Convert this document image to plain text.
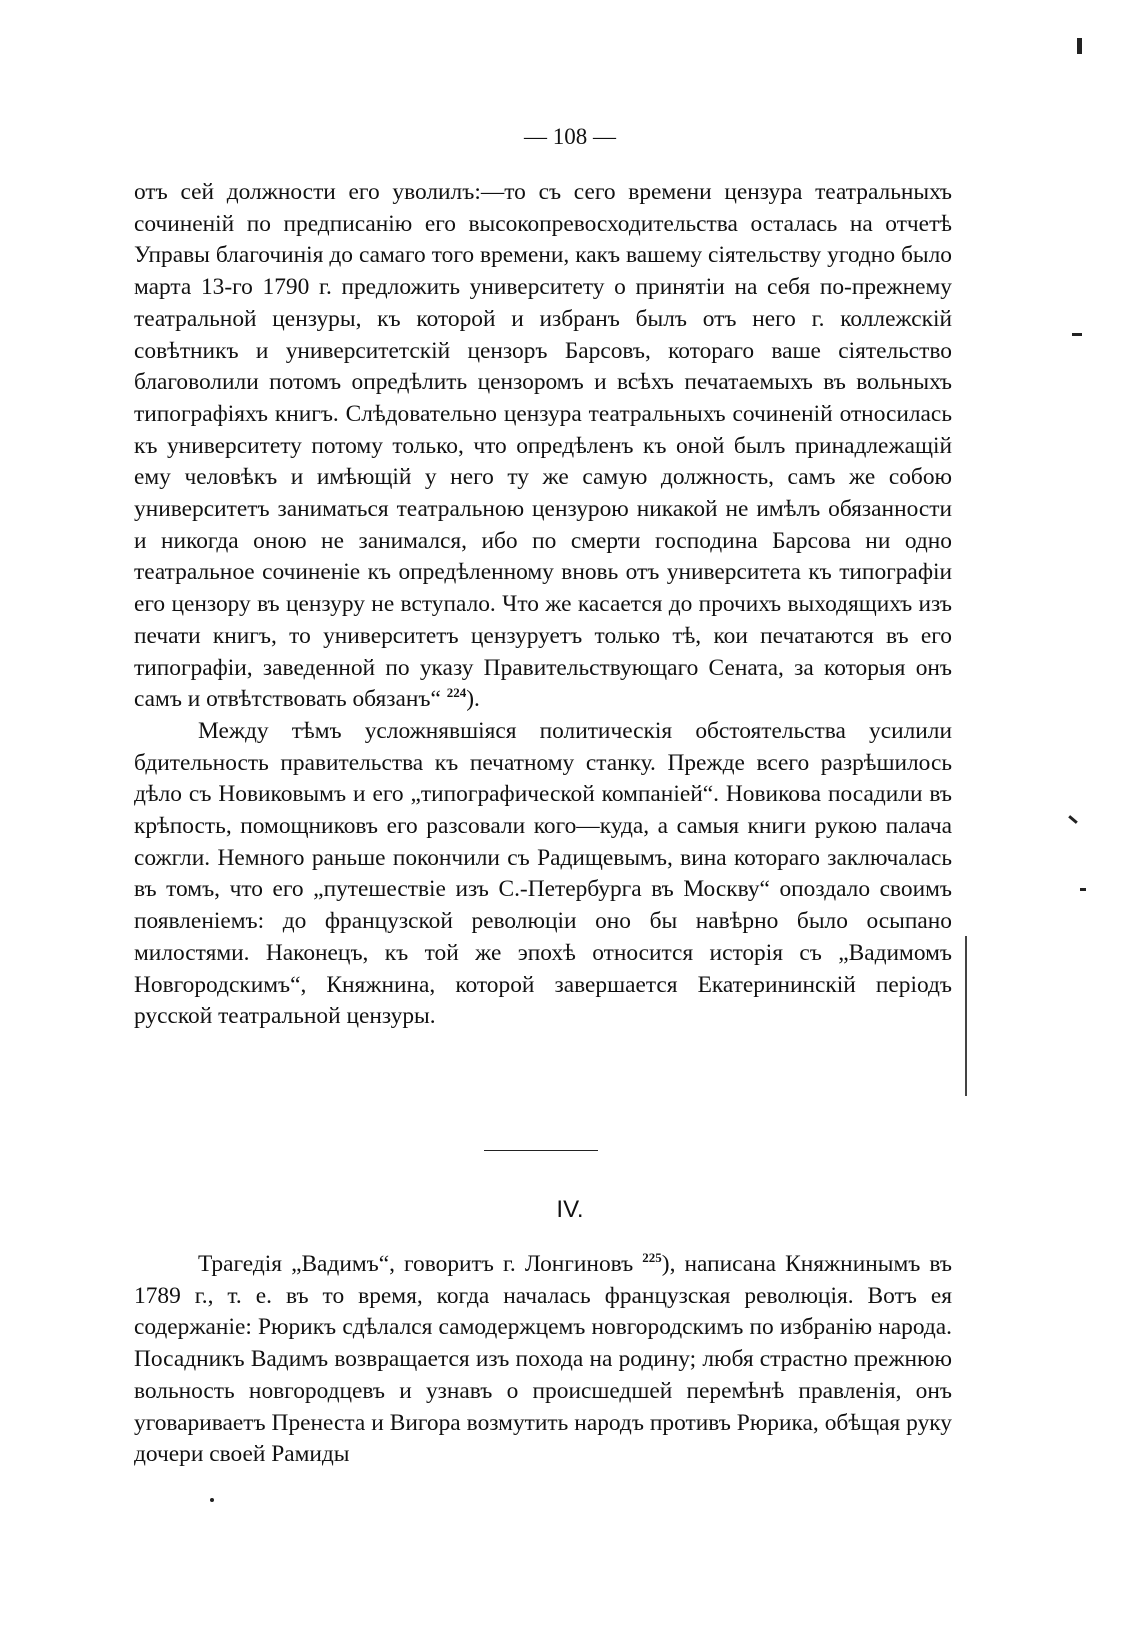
— 108 —

отъ сей должности его уволилъ:—то съ сего времени цензура театральныхъ сочиненій по предписанію его высокопревосходительства осталась на отчетѣ Управы благочинія до самаго того времени, какъ вашему сіятельству угодно было марта 13-го 1790 г. предложить университету о принятіи на себя по-прежнему театральной цензуры, къ которой и избранъ былъ отъ него г. коллежскій совѣтникъ и университетскій цензоръ Барсовъ, котораго ваше сіятельство благоволили потомъ опредѣлить цензоромъ и всѣхъ печатаемыхъ въ вольныхъ типографіяхъ книгъ. Слѣдовательно цензура театральныхъ сочиненій относилась къ университету потому только, что опредѣленъ къ оной былъ принадлежащій ему человѣкъ и имѣющій у него ту же самую должность, самъ же собою университетъ заниматься театральною цензурою никакой не имѣлъ обязанности и никогда оною не занимался, ибо по смерти господина Барсова ни одно театральное сочиненіе къ опредѣленному вновь отъ университета къ типографіи его цензору въ цензуру не вступало. Что же касается до прочихъ выходящихъ изъ печати книгъ, то университетъ цензуруетъ только тѣ, кои печатаются въ его типографіи, заведенной по указу Правительствующаго Сената, за которыя онъ самъ и отвѣтствовать обязанъ“ $^{224}$).

Между тѣмъ усложнявшіяся политическія обстоятельства усилили бдительность правительства къ печатному станку. Прежде всего разрѣшилось дѣло съ Новиковымъ и его „типографической компаніей“. Новикова посадили въ крѣпость, помощниковъ его разсовали кого—куда, а самыя книги рукою палача сожгли. Немного раньше покончили съ Радищевымъ, вина котораго заключалась въ томъ, что его „путешествіе изъ С.-Петербурга въ Москву“ опоздало своимъ появленіемъ: до французской революціи оно бы навѣрно было осыпано милостями. Наконецъ, къ той же эпохѣ относится исторія съ „Вадимомъ Новгородскимъ“, Княжнина, которой завершается Екатерининскій періодъ русской театральной цензуры.

IV.

Трагедія „Вадимъ“, говоритъ г. Лонгиновъ $^{225}$), написана Княжнинымъ въ 1789 г., т. е. въ то время, когда началась французская революція. Вотъ ея содержаніе: Рюрикъ сдѣлался самодержцемъ новгородскимъ по избранію народа. Посадникъ Вадимъ возвращается изъ похода на родину; любя страстно прежнюю вольность новгородцевъ и узнавъ о происшедшей перемѣнѣ правленія, онъ уговариваетъ Пренеста и Вигора возмутить народъ противъ Рюрика, обѣщая руку дочери своей Рамиды
